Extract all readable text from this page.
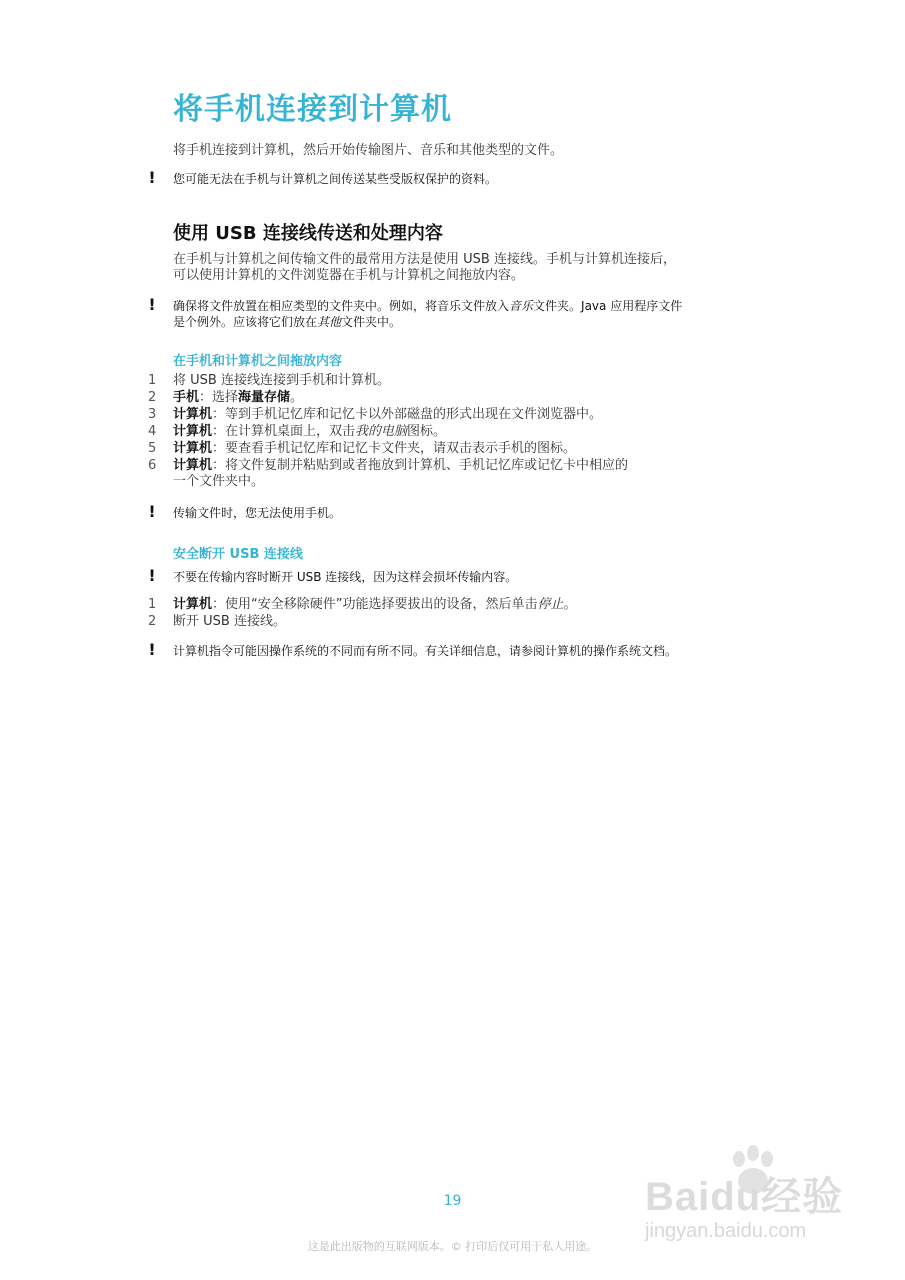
将手机连接到计算机
将手机连接到计算机，然后开始传输图片、音乐和其他类型的文件。
! 您可能无法在手机与计算机之间传送某些受版权保护的资料。
使用 USB 连接线传送和处理内容
在手机与计算机之间传输文件的最常用方法是使用 USB 连接线。手机与计算机连接后，
可以使用计算机的文件浏览器在手机与计算机之间拖放内容。
! 确保将文件放置在相应类型的文件夹中。例如，将音乐文件放入音乐文件夹。Java 应用程序文件
是个例外。应该将它们放在其他文件夹中。
在手机和计算机之间拖放内容
1	将 USB 连接线连接到手机和计算机。
2	手机：选择海量存储。
3	计算机：等到手机记忆库和记忆卡以外部磁盘的形式出现在文件浏览器中。
4	计算机：在计算机桌面上，双击我的电脑图标。
5	计算机：要查看手机记忆库和记忆卡文件夹，请双击表示手机的图标。
6	计算机：将文件复制并粘贴到或者拖放到计算机、手机记忆库或记忆卡中相应的
一个文件夹中。
! 传输文件时，您无法使用手机。
安全断开 USB 连接线
! 不要在传输内容时断开 USB 连接线，因为这样会损坏传输内容。
1	计算机：使用“安全移除硬件”功能选择要拔出的设备，然后单击停止。
2	断开 USB 连接线。
! 计算机指令可能因操作系统的不同而有所不同。有关详细信息，请参阅计算机的操作系统文档。
19	Baidu经验
jingyan.baidu.com
这是此出版物的互联网版本。© 打印后仅可用于私人用途。
